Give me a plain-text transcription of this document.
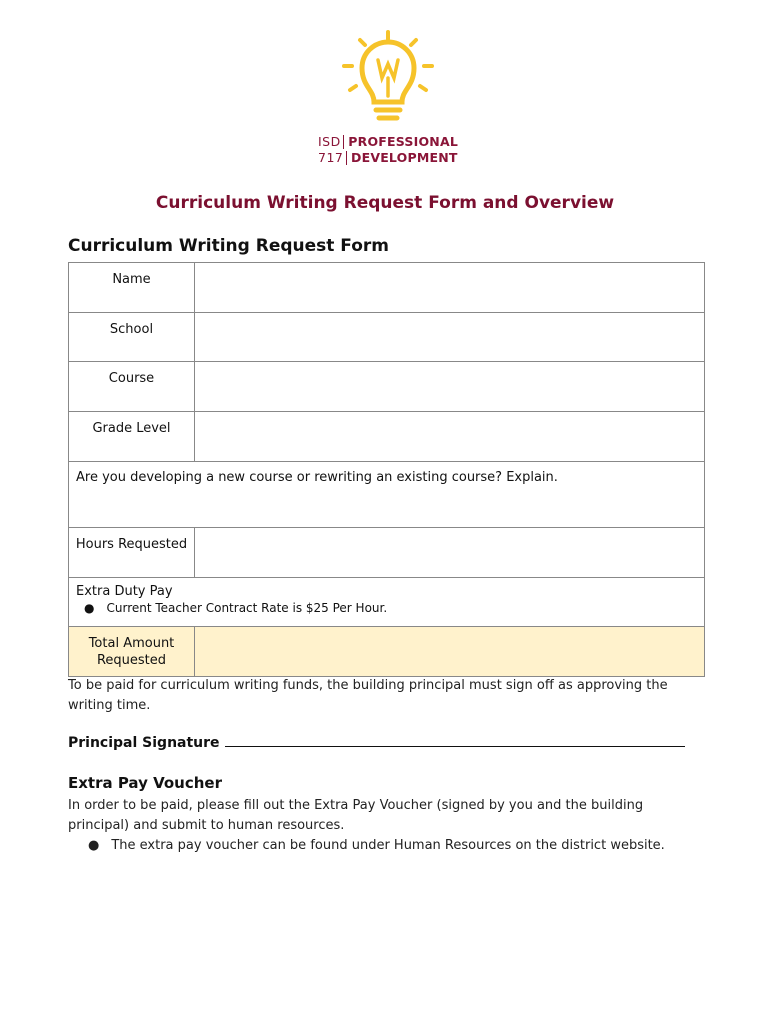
ISD PROFESSIONAL
717 DEVELOPMENT
Curriculum Writing Request Form and Overview
Curriculum Writing Request Form
Name	
School	
Course	
Grade Level	

Are you developing a new course or rewriting an existing course? Explain.	

Hours Requested	

Extra Duty Pay
● Current Teacher Contract Rate is $25 Per Hour.	

Total Amount Requested	
To be paid for curriculum writing funds, the building principal must sign off as approving the writing time.
Principal Signature
Extra Pay Voucher
In order to be paid, please fill out the Extra Pay Voucher (signed by you and the building principal) and submit to human resources.
● The extra pay voucher can be found under Human Resources on the district website.
